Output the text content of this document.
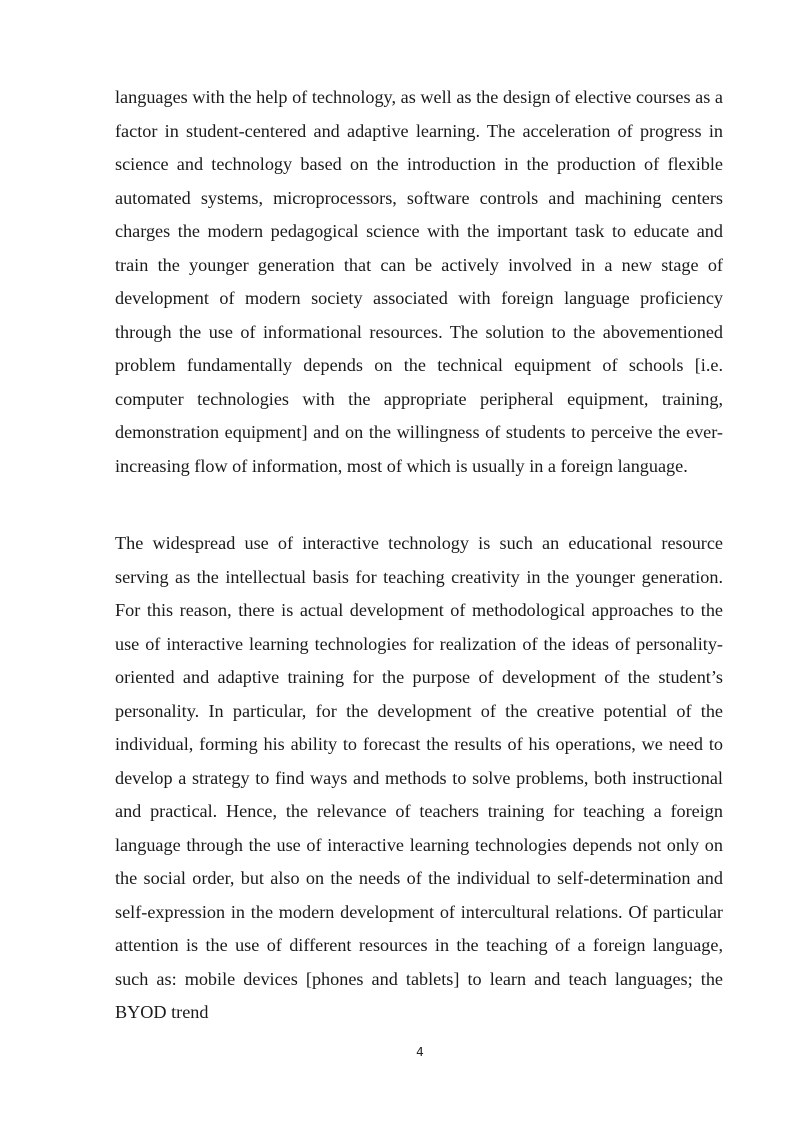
languages with the help of technology, as well as the design of elective courses as a factor in student-centered and adaptive learning. The acceleration of progress in science and technology based on the introduction in the production of flexible automated systems, microprocessors, software controls and machining centers charges the modern pedagogical science with the important task to educate and train the younger generation that can be actively involved in a new stage of development of modern society associated with foreign language proficiency through the use of informational resources. The solution to the abovementioned problem fundamentally depends on the technical equipment of schools [i.e. computer technologies with the appropriate peripheral equipment, training, demonstration equipment] and on the willingness of students to perceive the ever-increasing flow of information, most of which is usually in a foreign language.

The widespread use of interactive technology is such an educational resource serving as the intellectual basis for teaching creativity in the younger generation. For this reason, there is actual development of methodological approaches to the use of interactive learning technologies for realization of the ideas of personality-oriented and adaptive training for the purpose of development of the student’s personality. In particular, for the development of the creative potential of the individual, forming his ability to forecast the results of his operations, we need to develop a strategy to find ways and methods to solve problems, both instructional and practical. Hence, the relevance of teachers training for teaching a foreign language through the use of interactive learning technologies depends not only on the social order, but also on the needs of the individual to self-determination and self-expression in the modern development of intercultural relations. Of particular attention is the use of different resources in the teaching of a foreign language, such as: mobile devices [phones and tablets] to learn and teach languages; the BYOD trend

4
